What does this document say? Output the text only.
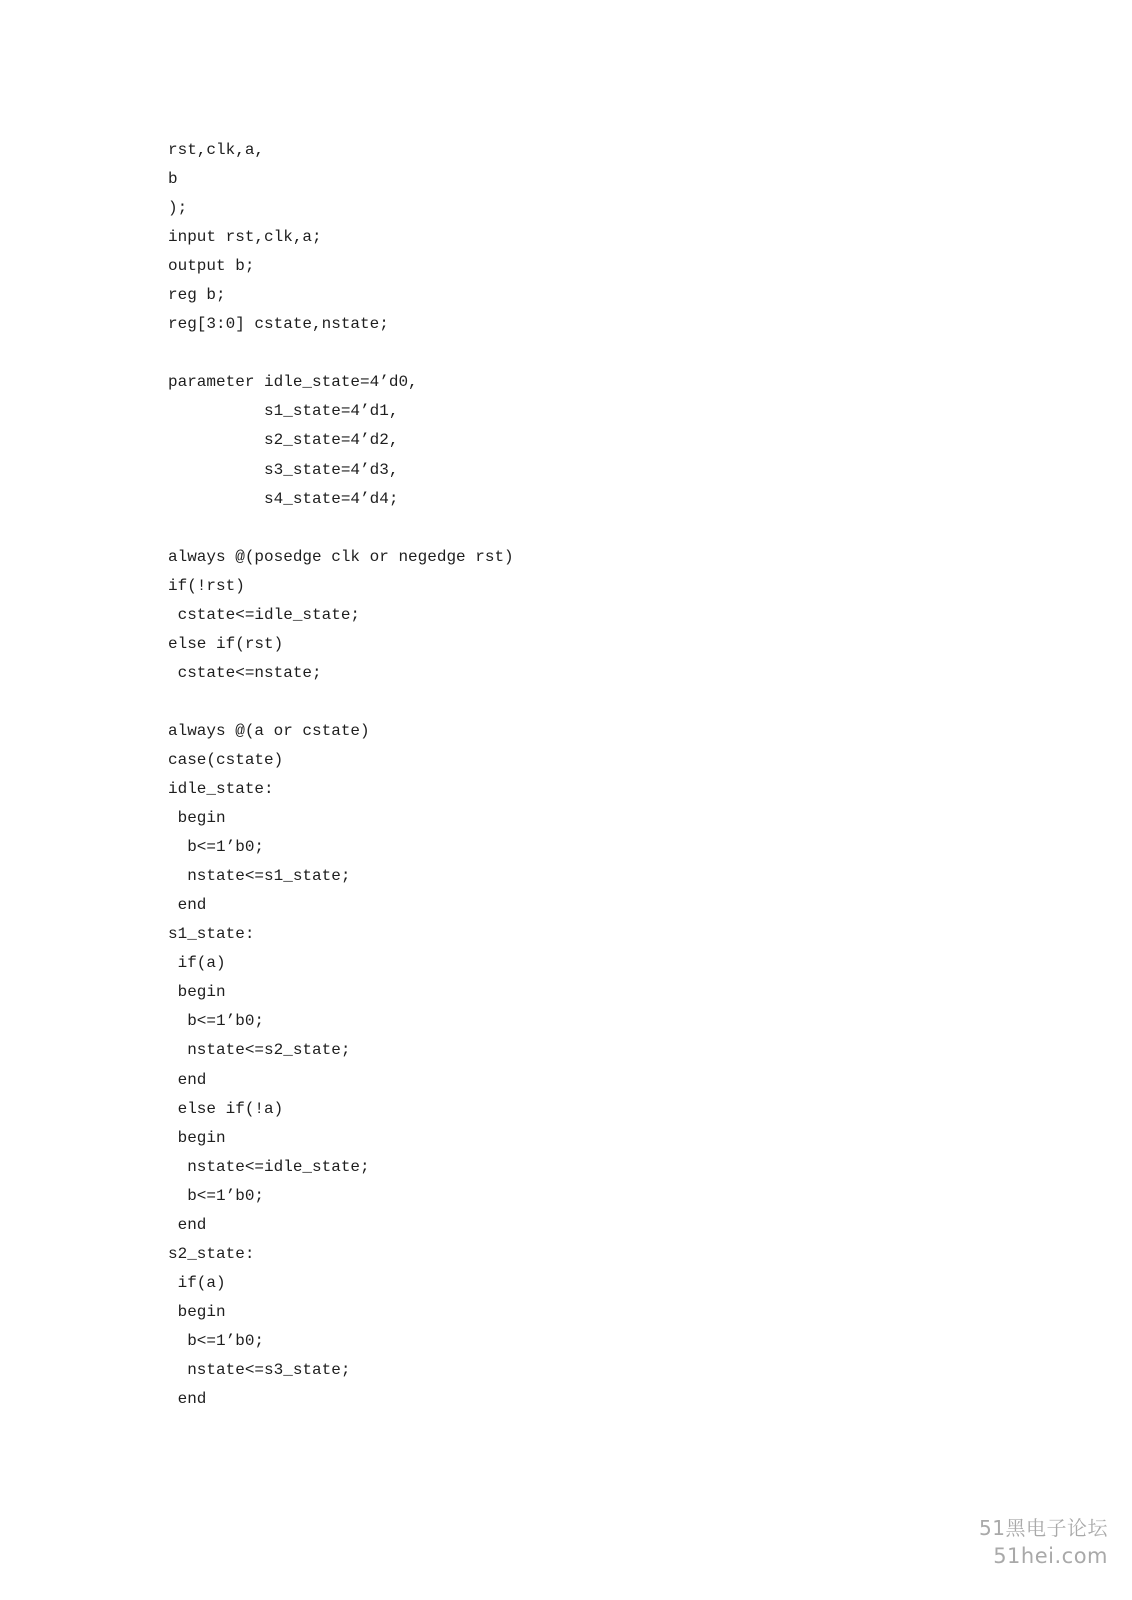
rst,clk,a,
b
);
input rst,clk,a;
output b;
reg b;
reg[3:0] cstate,nstate;
parameter idle_state=4’d0,
s1_state=4’d1,
s2_state=4’d2,
s3_state=4’d3,
s4_state=4’d4;
always @(posedge clk or negedge rst)
if(!rst)
cstate<=idle_state;
else if(rst)
cstate<=nstate;
always @(a or cstate)
case(cstate)
idle_state:
begin
b<=1’b0;
nstate<=s1_state;
end
s1_state:
if(a)
begin
b<=1’b0;
nstate<=s2_state;
end
else if(!a)
begin
nstate<=idle_state;
b<=1’b0;
end
s2_state:
if(a)
begin
b<=1’b0;
nstate<=s3_state;
end
51黑电子论坛
51hei.com
